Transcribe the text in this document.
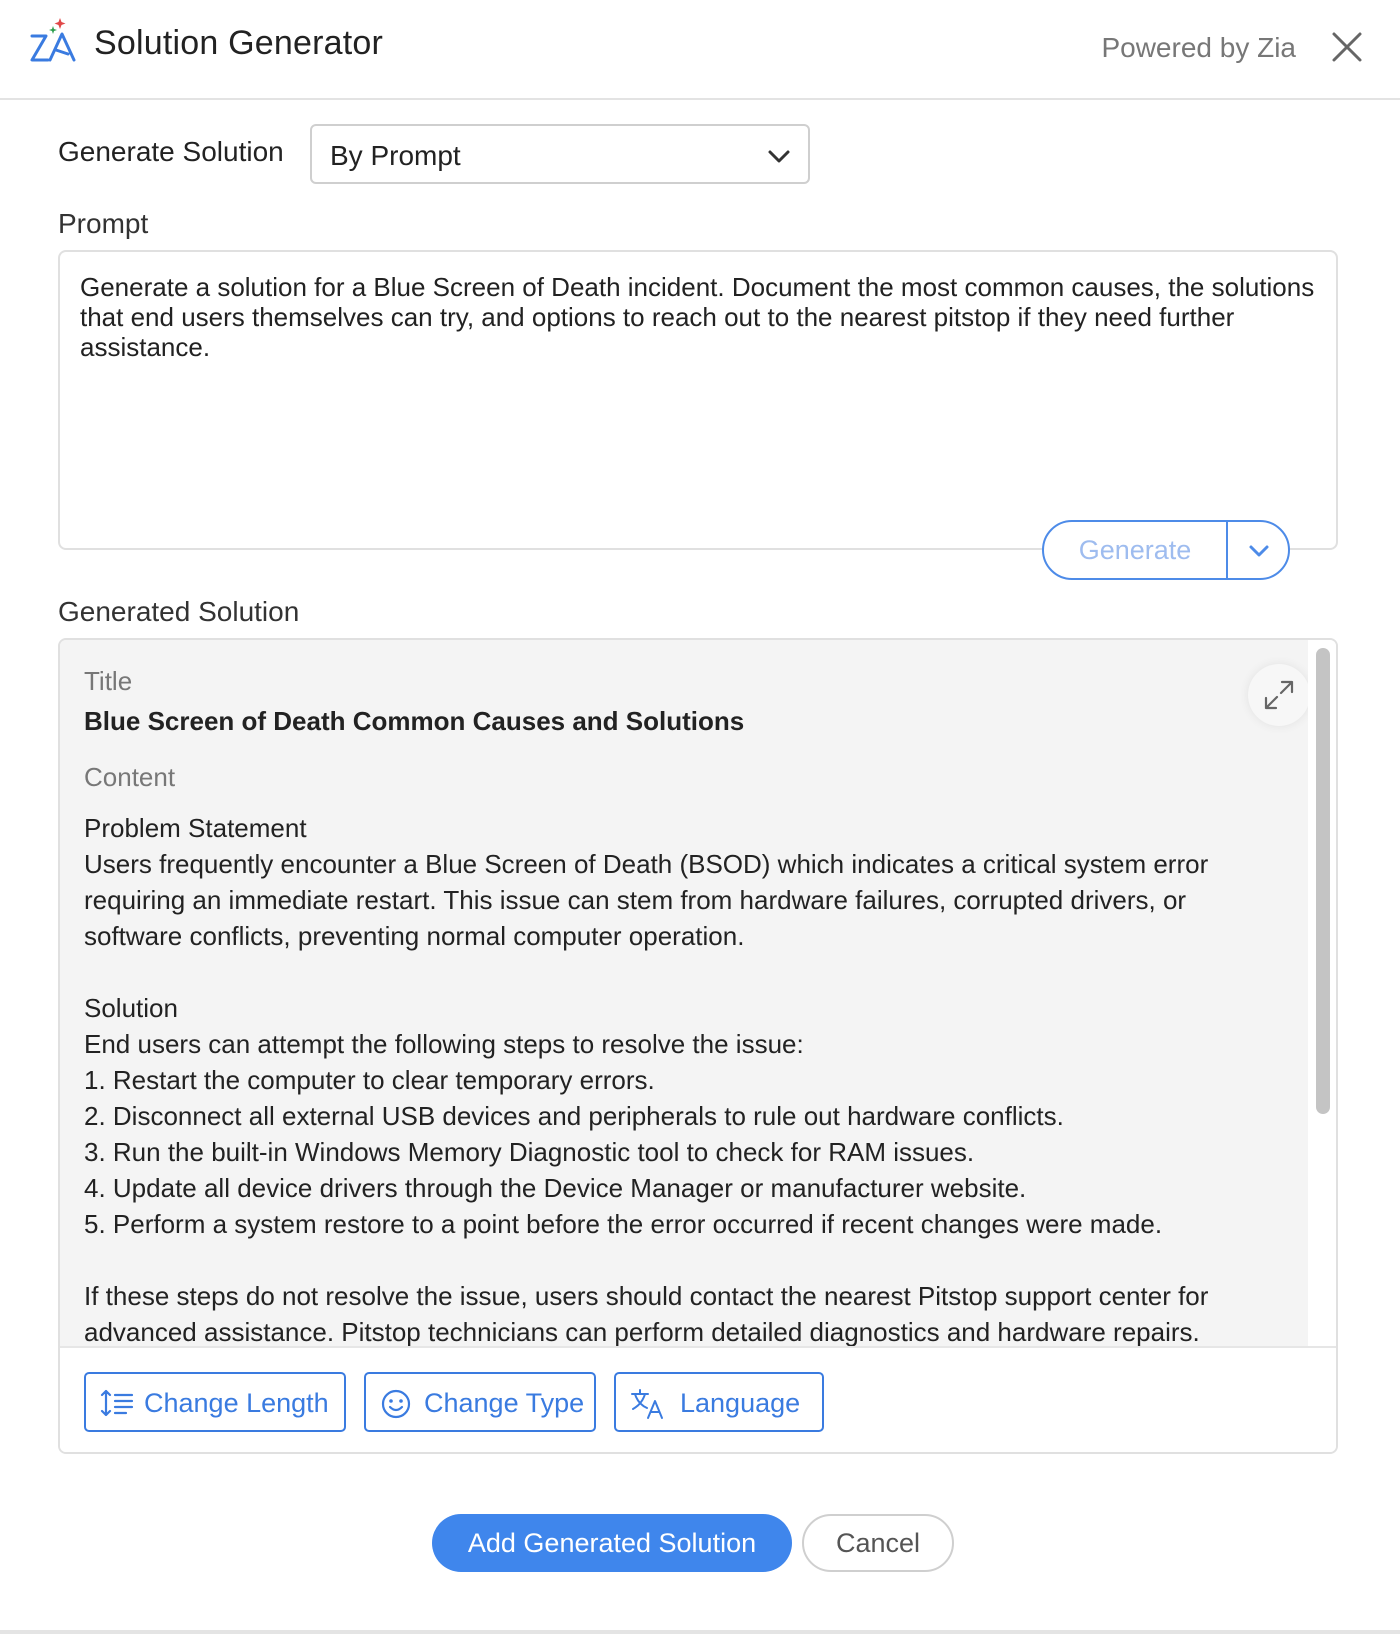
Solution Generator	Powered by Zia
Generate Solution By Prompt
Prompt
Generate a solution for a Blue Screen of Death incident. Document the most common causes, the solutions that end users themselves can try, and options to reach out to the nearest pitstop if they need further assistance.
Generate
Generated Solution
Title
Blue Screen of Death Common Causes and Solutions
Content
Problem Statement
Users frequently encounter a Blue Screen of Death (BSOD) which indicates a critical system error
requiring an immediate restart. This issue can stem from hardware failures, corrupted drivers, or
software conflicts, preventing normal computer operation.
Solution
End users can attempt the following steps to resolve the issue:
1. Restart the computer to clear temporary errors.
2. Disconnect all external USB devices and peripherals to rule out hardware conflicts.
3. Run the built-in Windows Memory Diagnostic tool to check for RAM issues.
4. Update all device drivers through the Device Manager or manufacturer website.
5. Perform a system restore to a point before the error occurred if recent changes were made.
If these steps do not resolve the issue, users should contact the nearest Pitstop support center for
advanced assistance. Pitstop technicians can perform detailed diagnostics and hardware repairs.
Change Length	Change Type	Language
Add Generated Solution	Cancel
